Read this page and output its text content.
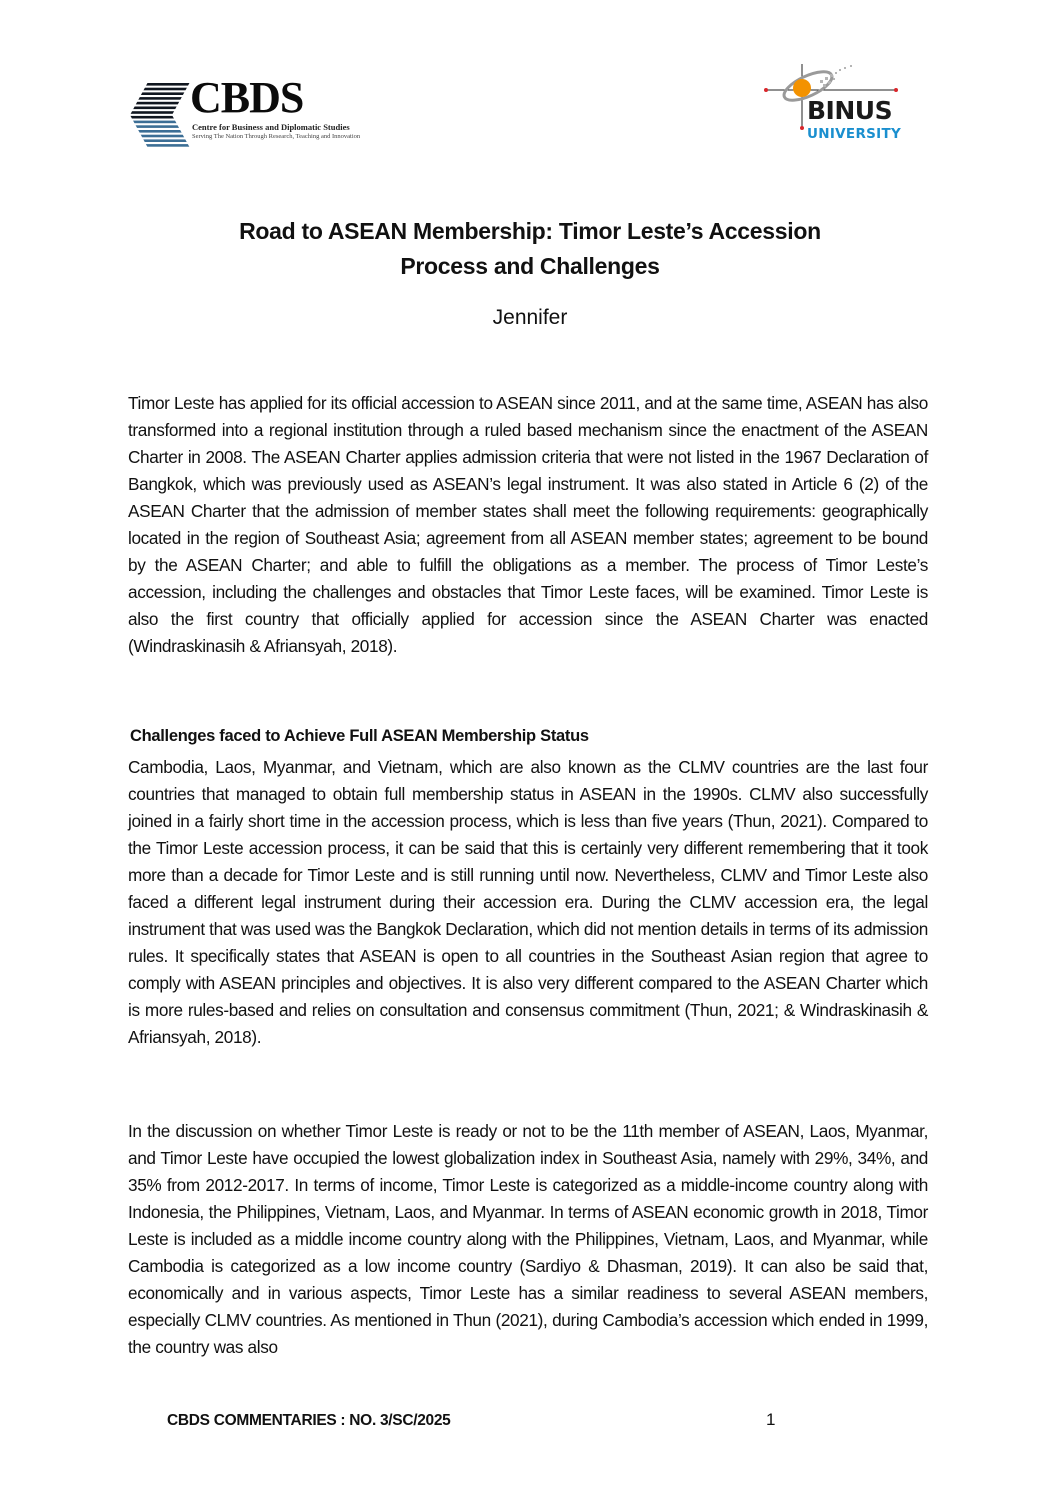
CBDS
Centre for Business and Diplomatic Studies
Serving The Nation Through Research, Teaching and Innovation
BINUS
UNIVERSITY
Road to ASEAN Membership: Timor Leste’s Accession
Process and Challenges
Jennifer
Timor Leste has applied for its official accession to ASEAN since 2011, and at the same time, ASEAN has also transformed into a regional institution through a ruled based mechanism since the enactment of the ASEAN Charter in 2008. The ASEAN Charter applies admission criteria that were not listed in the 1967 Declaration of Bangkok, which was previously used as ASEAN’s legal instrument. It was also stated in Article 6 (2) of the ASEAN Charter that the admission of member states shall meet the following requirements: geographically located in the region of Southeast Asia; agreement from all ASEAN member states; agreement to be bound by the ASEAN Charter; and able to fulfill the obligations as a member. The process of Timor Leste’s accession, including the challenges and obstacles that Timor Leste faces, will be examined. Timor Leste is also the first country that officially applied for accession since the ASEAN Charter was enacted (Windraskinasih & Afriansyah, 2018).
Challenges faced to Achieve Full ASEAN Membership Status
Cambodia, Laos, Myanmar, and Vietnam, which are also known as the CLMV countries are the last four countries that managed to obtain full membership status in ASEAN in the 1990s. CLMV also successfully joined in a fairly short time in the accession process, which is less than five years (Thun, 2021). Compared to the Timor Leste accession process, it can be said that this is certainly very different remembering that it took more than a decade for Timor Leste and is still running until now. Nevertheless, CLMV and Timor Leste also faced a different legal instrument during their accession era. During the CLMV accession era, the legal instrument that was used was the Bangkok Declaration, which did not mention details in terms of its admission rules. It specifically states that ASEAN is open to all countries in the Southeast Asian region that agree to comply with ASEAN principles and objectives. It is also very different compared to the ASEAN Charter which is more rules-based and relies on consultation and consensus commitment (Thun, 2021; & Windraskinasih & Afriansyah, 2018).
In the discussion on whether Timor Leste is ready or not to be the 11th member of ASEAN, Laos, Myanmar, and Timor Leste have occupied the lowest globalization index in Southeast Asia, namely with 29%, 34%, and 35% from 2012-2017. In terms of income, Timor Leste is categorized as a middle-income country along with Indonesia, the Philippines, Vietnam, Laos, and Myanmar. In terms of ASEAN economic growth in 2018, Timor Leste is included as a middle income country along with the Philippines, Vietnam, Laos, and Myanmar, while Cambodia is categorized as a low income country (Sardiyo & Dhasman, 2019). It can also be said that, economically and in various aspects, Timor Leste has a similar readiness to several ASEAN members, especially CLMV countries. As mentioned in Thun (2021), during Cambodia’s accession which ended in 1999, the country was also
CBDS COMMENTARIES : NO. 3/SC/2025	1
